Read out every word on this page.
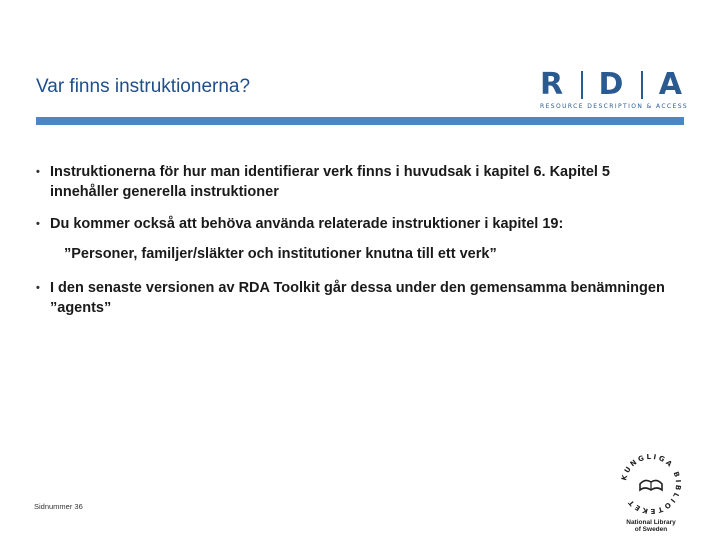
Var finns instruktionerna?	R D A
RESOURCE DESCRIPTION & ACCESS
• Instruktionerna för hur man identifierar verk finns i huvudsak i kapitel 6. Kapitel 5 innehåller generella instruktioner
• Du kommer också att behöva använda relaterade instruktioner i kapitel 19:
”Personer, familjer/släkter och institutioner knutna till ett verk”
• I den senaste versionen av RDA Toolkit går dessa under den gemensamma benämningen ”agents”
Sidnummer 36
KUNGLIGA BIBLIOTEKET
National Library
of Sweden
